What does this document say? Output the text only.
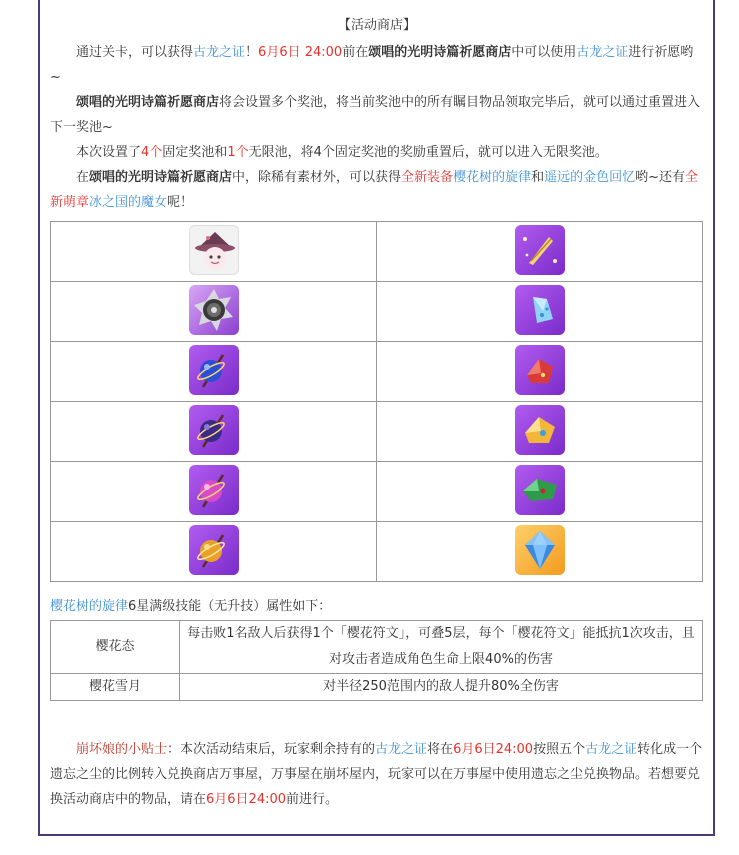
【活动商店】

通过关卡，可以获得古龙之证！6月6日 24:00前在颂唱的光明诗篇祈愿商店中可以使用古龙之证进行祈愿哟~

颂唱的光明诗篇祈愿商店将会设置多个奖池，将当前奖池中的所有瞩目物品领取完毕后，就可以通过重置进入下一奖池~

本次设置了4个固定奖池和1个无限池，将4个固定奖池的奖励重置后，就可以进入无限奖池。

在颂唱的光明诗篇祈愿商店中，除稀有素材外，可以获得全新装备樱花树的旋律和遥远的金色回忆哟~还有全新萌章冰之国的魔女呢！

樱花树的旋律6星满级技能（无升技）属性如下：
樱花态	每击败1名敌人后获得1个「樱花符文」，可叠5层，每个「樱花符文」能抵抗1次攻击，且对攻击者造成角色生命上限40%的伤害
樱花雪月	对半径250范围内的敌人提升80%全伤害

崩坏娘的小贴士：本次活动结束后，玩家剩余持有的古龙之证将在6月6日24:00按照五个古龙之证转化成一个遗忘之尘的比例转入兑换商店万事屋，万事屋在崩坏屋内，玩家可以在万事屋中使用遗忘之尘兑换物品。若想要兑换活动商店中的物品，请在6月6日24:00前进行。
